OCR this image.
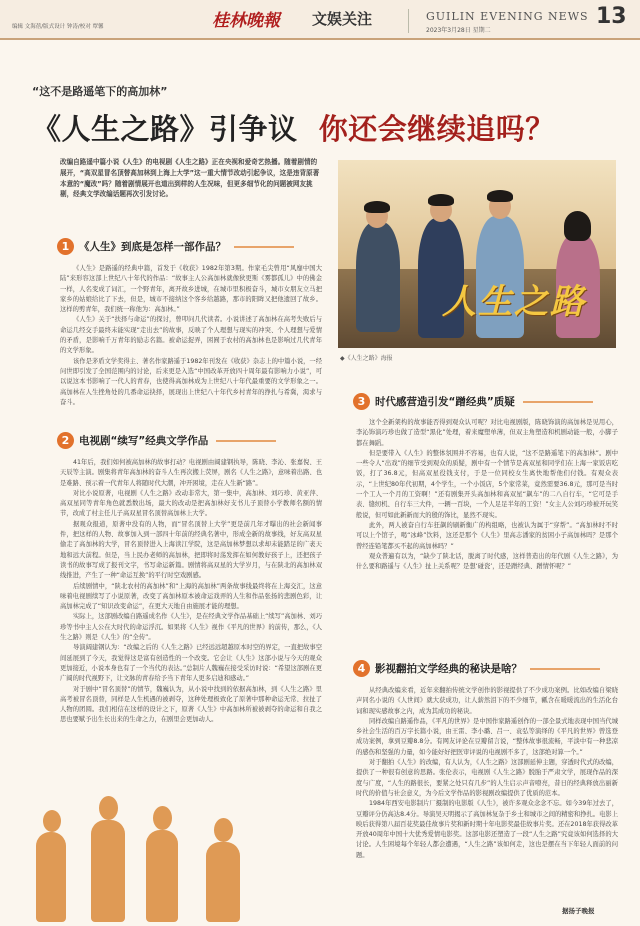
编辑 文海蓓/版式设计 钟涛/校对 覃馨	桂林晚報 文娱关注	GUILIN EVENING NEWS
2023年3月28日 星期二
13
“这不是路遥笔下的高加林”
《人生之路》引争议 你还会继续追吗？
改编自路遥中篇小说《人生》的电视剧《人生之路》正在央视和爱奇艺热播。随着剧情的展开，“高双星冒名顶替高加林到上海上大学”这一重大情节改动引起争议，这是违背原著本意的“魔改”吗？随着剧情展开也道出到样的人生况味，但更多细节化的问题被网友挑剔，经典文学改编话题再次引发讨论。
人生之路
◆《人生之路》海报
1 《人生》到底是怎样一部作品？

《人生》是路遥的经典中篇，首发于《收获》1982年第3期。作家毛尖曾用“风靡中国大陆”来形容这部上世纪八十年代的作品：“故事主人公高加林就像狄更斯《雾都孤儿》中的佛金一样，人名变成了词汇，一个野青年，离开故乡进城，在城市里积极奋斗，城市女朋友立马把家乡的姑娘给比了下去，但是，城市不接纳这个客乡给越路，那市的阳眸又把他遗回了故乡。这样的剪青年，我们统一称他为：高加林。”

《人生》关于“扶择与命运”的探讨，曾叩问几代读者。小说讲述了高加林在高考失败后与命运几经交手最终未能实现“走出去”的故事，反映了个人理想与现实的冲突、个人理想与爱情的矛盾，是影响千万青年的励志名篇。被命运捉弄，困囿于农村的高加林也是影响过几代青年的文学形象。

该作是茅盾文学奖得主、著名作家路遥于1982年刊发在《收获》杂志上的中篇小说，一经问世即引发了全国范围内的讨论，后来更是入选“中国改革开放四十周年最有影响力小说”，可以说这本书影响了一代人的青春，也使得高加林成为上世纪八十年代最重要的文学形象之一。高加林在人生挫角处的几番命运抉择，展现出上世纪八十年代乡村青年的挣扎与希冀，渴求与奋斗。

2 电视剧“续写”经典文学作品

41年后，我们如何被高加林的故事打动？电视剧由阔建钢执导，陈晓、李沁、张嘉倪、王天辰等主演。剧集将青年高加林的奋斗人生再次搬上荧屏，剧名《人生之路》，意味着出路、也是难路、预示着一代青年人将随时代大潮，冲开困境，走在人生新“路”。

对比小说原著，电视剧《人生之路》改动非常大，第一集中，高加林、刘巧珍、黄亚萍、高双星同等青年角色就悉数出场，最大的改动是把高加林好支书儿子顶替小学教师名额的情节，改成了村主任儿子高双星冒名顶替高加林上大学。

据观众报道，原著中没有的人物，而“冒名顶替上大学”更是前几年才曝出的社会新闻事件，把这样的人物、故事加入到一部四十年前的经典名著中，形成全新的故事线，好友高双星偷走了高加林的大学，冒名顶替进入上海读江学院，这是高加林梦想以求却未能踏足的广袤天地和远大前程。但是，当上民办老师的高加林，把即将时荡发挥在如何教好孩子上，还把孩子读书的故事写成了报刊文字，书写命运新篇。剧情将高双星的大学岁月，与在陕北的高加林双线推进，产生了一种“命运互换”的平行时空戏剧感。

后续剧情中，“陕北农村的高加林”和“上海的高加林”两条故事线最终将在上海交汇，这意味着电视剧续写了小说原著，改变了高加林原本被命运戏弄的人生和作品张扬的悲剧色彩，让高加林完成了“知识改变命运”，在更大天地自由施展才能的理想。

实际上，这部剧改编自路遥成名作《人生》，是在经典文学作品基础上“续写”高加林、刘巧珍等书中主人公在大时代的命运浮沉。如果将《人生》视作《平凡的世界》的前传，那么，《人生之路》则是《人生》的“全传”。

导演阔建钢认为：“改编之后的《人生之路》已经远远超越原本时空的界定，一直把故事空间延展到了今天，我觉得这是富有创造性的一个改变。它会让《人生》这部小说与今天的观众更加接近，小说本身也有了一个当代的表达。”总制片人魏巍在接受采访时说：“希望这部剧在更广阔的时代视野下，让文脉的青春给予当下青年人更多启迪和感动。”

对于剧中“冒名顶替”的情节，魏巍认为，从小说中找到的依据高加林，到《人生之路》里高考被冒名顶替，同样是人生机遇的被剥夺，这种处理极致化了原著中那种命运无常、拉扯了人物的团圆。我们相信在这样的设计之下，原著《人生》中高加林所被被剥夺的命运和自我之思也要赋予出生长出来的生命之力，在剧里会更加动人。

3 时代感营造引发“蹭经典”质疑

这个全新架构的故事能否得到观众认可呢？对比电视剧版，陈晓饰演的高加林是见用心，李沁饰演巧珍也做了造型“黑化”处理，着来魔塑单薄，但双主角塑造和机剧动能一般，小脚子都在舞蹈。

但是要带入《人生》的整体氛围并不容易，也有人说，“这不是路遥笔下的高加林”。剧中一些令人“出戏”的细节受到观众的质疑，剧中有一个情节是高双星和同学们在上海一家饭店吃饭，打了36.8元，但高双星役钱支付，于是一位同校女生离快地帮他们付钱。有观众表示，“上世纪80年代初期，4个学生，一个小饭店，5个家常菜，竟然需要36.8元，那可是当时一个工人一个月的工资啊！”还有剧集开头高加林和高双星“飙车”的二八自行车，“它可是手表、缝纫机、自行车三大件，一辆一百块，一个人足足半年的工资！”女主人公刘巧珍被开玩笑般说，但可如此新新而大的殷的饰比，显然不现实。

此外，两人被奋自行车狂飙的刷新衡广的构组略，也被认为属于“穿帮”。“高加林时不时可以上个馆子，喝“冰峰”饮料，这还是那个《人生》里高志潘家的贫困小子高加林吗？是那个曾经连铅笔都买不起的高加林吗？”

观众普遍有以为，“缺少了陕北话，脱离了时代感，这样普造出的年代剧《人生之路》，为什么要和路遥与《人生》扯上关系呢？是想‘碰瓷’，还是蹭经典、蹭情怀呢？”

4 影视翻拍文学经典的秘诀是啥？

从经典改编来看，近年来翻拍传统文学创作的影视提供了不少成功案例。比如改编自梁晓声同名小说的《人世间》就大获成功，让人薪然泪下的不少细节，瓤含在暖暖流出的生活化台词和现实感故事之内，成为其成功的秘诀。

同样改编自路遥作品，《平凡的世界》是中国作家路遥创作的一部全景式地表现中国当代城乡社会生活的百万字长篇小说，由王雷、李小璐、吕一、袁弘等演绎的《平凡的世界》曾选登成功案例，拿到豆瓣8.8分。有网友评论在豆瓣留言说，“整体故事很流畅，平淡中有一种悲凉的感伤和坚强的力量，如今能好好把医审评说的电视剧不多了，这部绝对算一个。”

对于翻拍《人生》的改编，有人认为，《人生之路》这部剧延伸主题，穿透时代式的改编，提供了一种很有创意的思路。张伦表示，电视剧《人生之路》脱胎于严肃文学，展现作品的深度与广度，“人生的路很长，要紧之处只有几步”的人生启示声音嘹亮，昔日的经典释放出丽新时代的价值与社会意义，为今后文学作品的影视剧改编提供了优质的范本。

1984年西安电影制片厂摄制的电影版《人生》，被许多观众念念不忘。如今39年过去了，豆瓣评分仍高达8.4分。导演吴天明揭示了高加林复杂于乡土和城市之间的精密和挣扎。电影上映后获得第八届百花奖最佳故事片奖和新时期十年电影奖最佳故事片奖。还在2018年获得改革开放40周年中国十大优秀爱情电影奖。这部电影还塑造了一段“人生之路”究竟该如何选择的大讨论。人生困境每个年轻人都会遭遇，“人生之路”该如何走，这也是摆在当下年轻人面前的问题。

据扬子晚报
